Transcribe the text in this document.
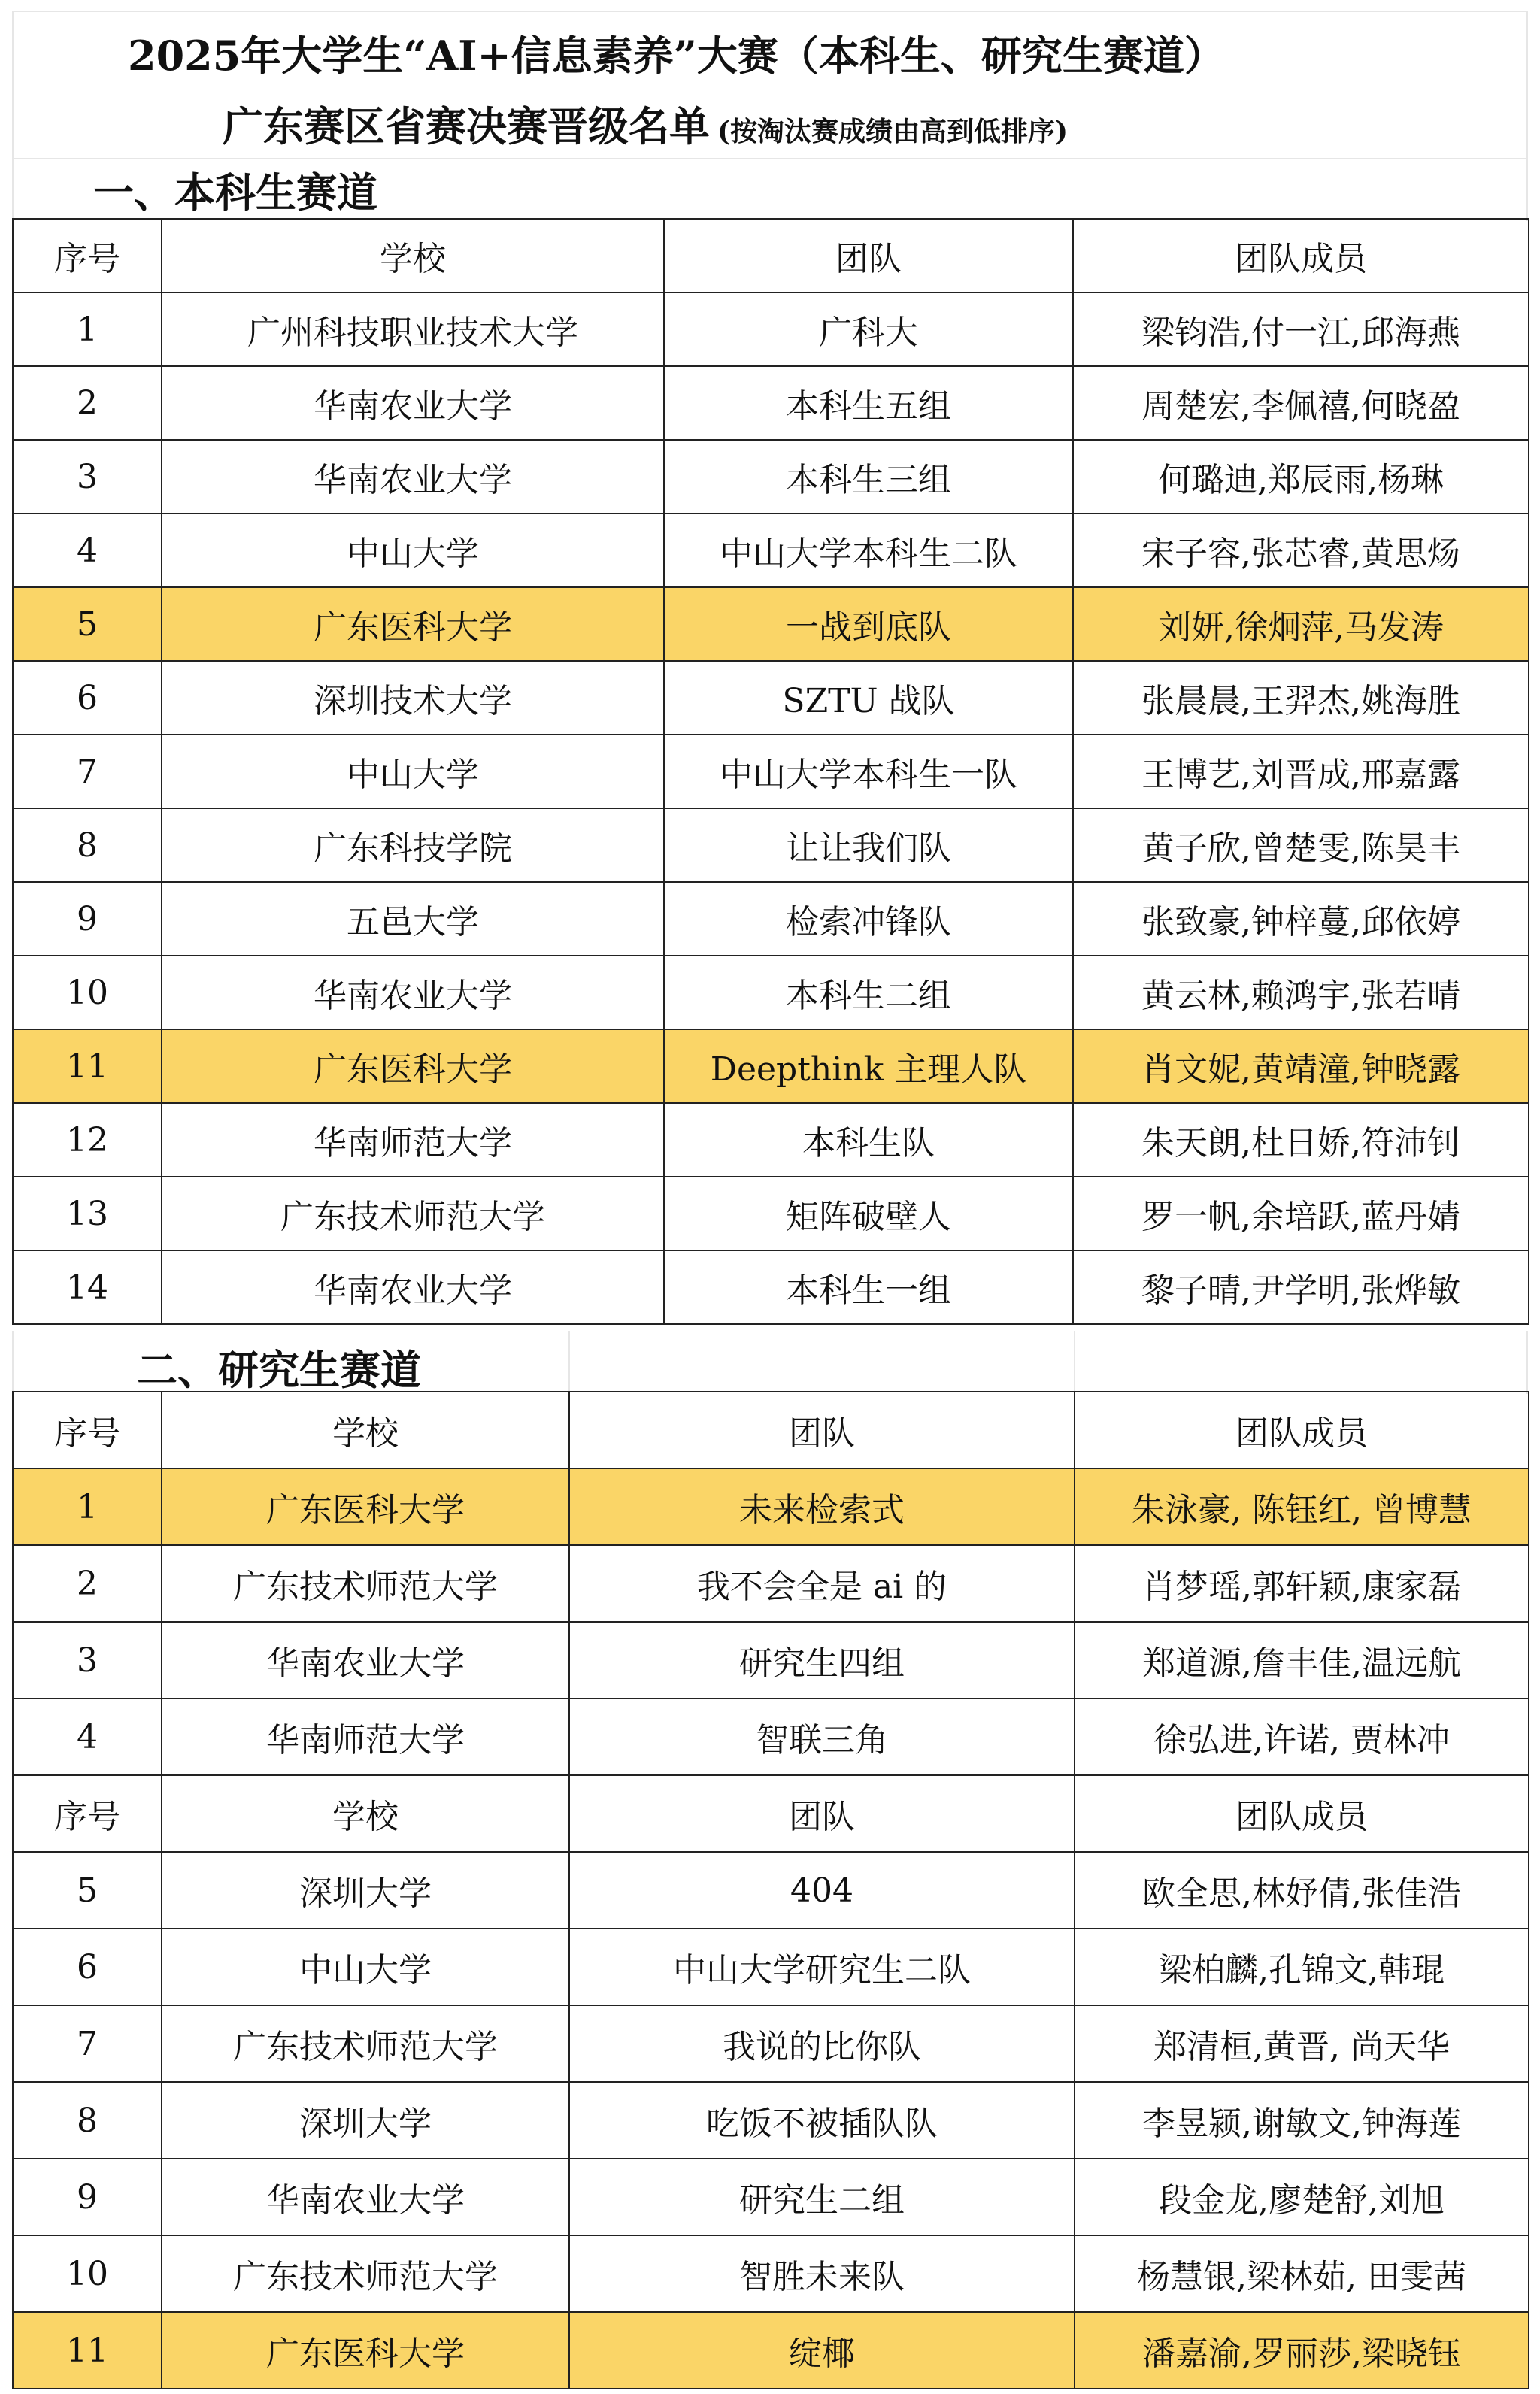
2025年大学生“AI+信息素养”大赛（本科生、研究生赛道）
广东赛区省赛决赛晋级名单 (按淘汰赛成绩由高到低排序)
一、本科生赛道
序号	学校	团队	团队成员
1	广州科技职业技术大学	广科大	梁钧浩,付一江,邱海燕
2	华南农业大学	本科生五组	周楚宏,李佩禧,何晓盈
3	华南农业大学	本科生三组	何璐迪,郑辰雨,杨琳
4	中山大学	中山大学本科生二队	宋子容,张芯睿,黄思炀
5	广东医科大学	一战到底队	刘妍,徐炯萍,马发涛
6	深圳技术大学	SZTU 战队	张晨晨,王羿杰,姚海胜
7	中山大学	中山大学本科生一队	王博艺,刘晋成,邢嘉露
8	广东科技学院	让让我们队	黄子欣,曾楚雯,陈昊丰
9	五邑大学	检索冲锋队	张致豪,钟梓蔓,邱依婷
10	华南农业大学	本科生二组	黄云林,赖鸿宇,张若晴
11	广东医科大学	Deepthink 主理人队	肖文妮,黄靖潼,钟晓露
12	华南师范大学	本科生队	朱天朗,杜日娇,符沛钊
13	广东技术师范大学	矩阵破壁人	罗一帆,余培跃,蓝丹婧
14	华南农业大学	本科生一组	黎子晴,尹学明,张烨敏
二、研究生赛道
序号	学校	团队	团队成员
1	广东医科大学	未来检索式	朱泳豪, 陈钰红, 曾博慧
2	广东技术师范大学	我不会全是 ai 的	肖梦瑶,郭轩颖,康家磊
3	华南农业大学	研究生四组	郑道源,詹丰佳,温远航
4	华南师范大学	智联三角	徐弘进,许诺, 贾林冲
序号	学校	团队	团队成员
5	深圳大学	404	欧全思,林妤倩,张佳浩
6	中山大学	中山大学研究生二队	梁柏麟,孔锦文,韩琨
7	广东技术师范大学	我说的比你队	郑清桓,黄晋, 尚天华
8	深圳大学	吃饭不被插队队	李昱颍,谢敏文,钟海莲
9	华南农业大学	研究生二组	段金龙,廖楚舒,刘旭
10	广东技术师范大学	智胜未来队	杨慧银,梁林茹, 田雯茜
11	广东医科大学	绽椰	潘嘉渝,罗丽莎,梁晓钰
